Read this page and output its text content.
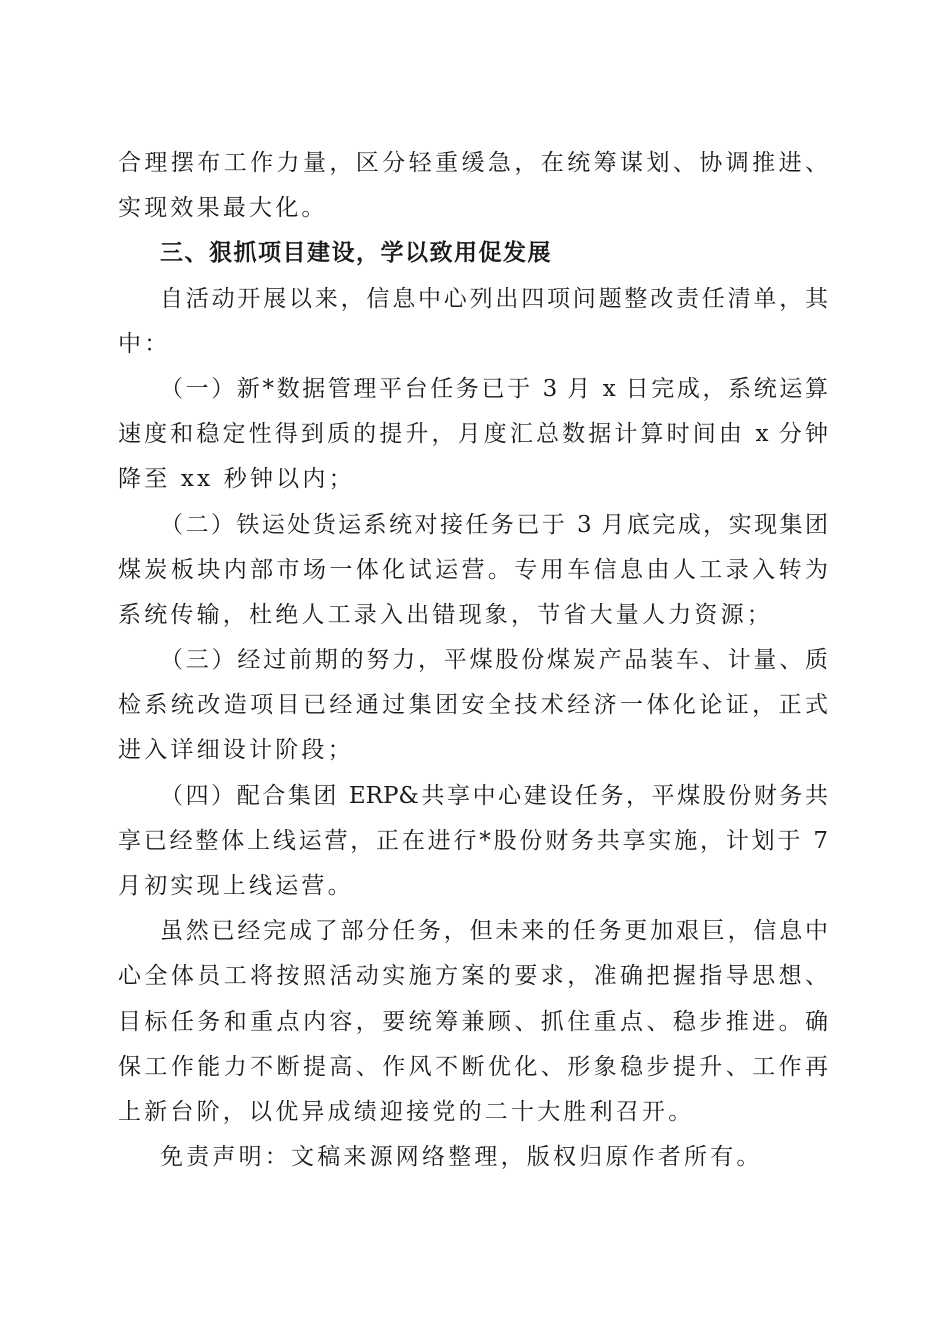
合理摆布工作力量，区分轻重缓急，在统筹谋划、协调推进、
实现效果最大化。
三、狠抓项目建设，学以致用促发展
自活动开展以来，信息中心列出四项问题整改责任清单，其
中：
（一）新*数据管理平台任务已于 3 月 x 日完成，系统运算
速度和稳定性得到质的提升，月度汇总数据计算时间由 x 分钟
降至 xx 秒钟以内；
（二）铁运处货运系统对接任务已于 3 月底完成，实现集团
煤炭板块内部市场一体化试运营。专用车信息由人工录入转为
系统传输，杜绝人工录入出错现象，节省大量人力资源；
（三）经过前期的努力，平煤股份煤炭产品装车、计量、质
检系统改造项目已经通过集团安全技术经济一体化论证，正式
进入详细设计阶段；
（四）配合集团 ERP&共享中心建设任务，平煤股份财务共
享已经整体上线运营，正在进行*股份财务共享实施，计划于 7
月初实现上线运营。
虽然已经完成了部分任务，但未来的任务更加艰巨，信息中
心全体员工将按照活动实施方案的要求，准确把握指导思想、
目标任务和重点内容，要统筹兼顾、抓住重点、稳步推进。确
保工作能力不断提高、作风不断优化、形象稳步提升、工作再
上新台阶，以优异成绩迎接党的二十大胜利召开。
免责声明：文稿来源网络整理，版权归原作者所有。
